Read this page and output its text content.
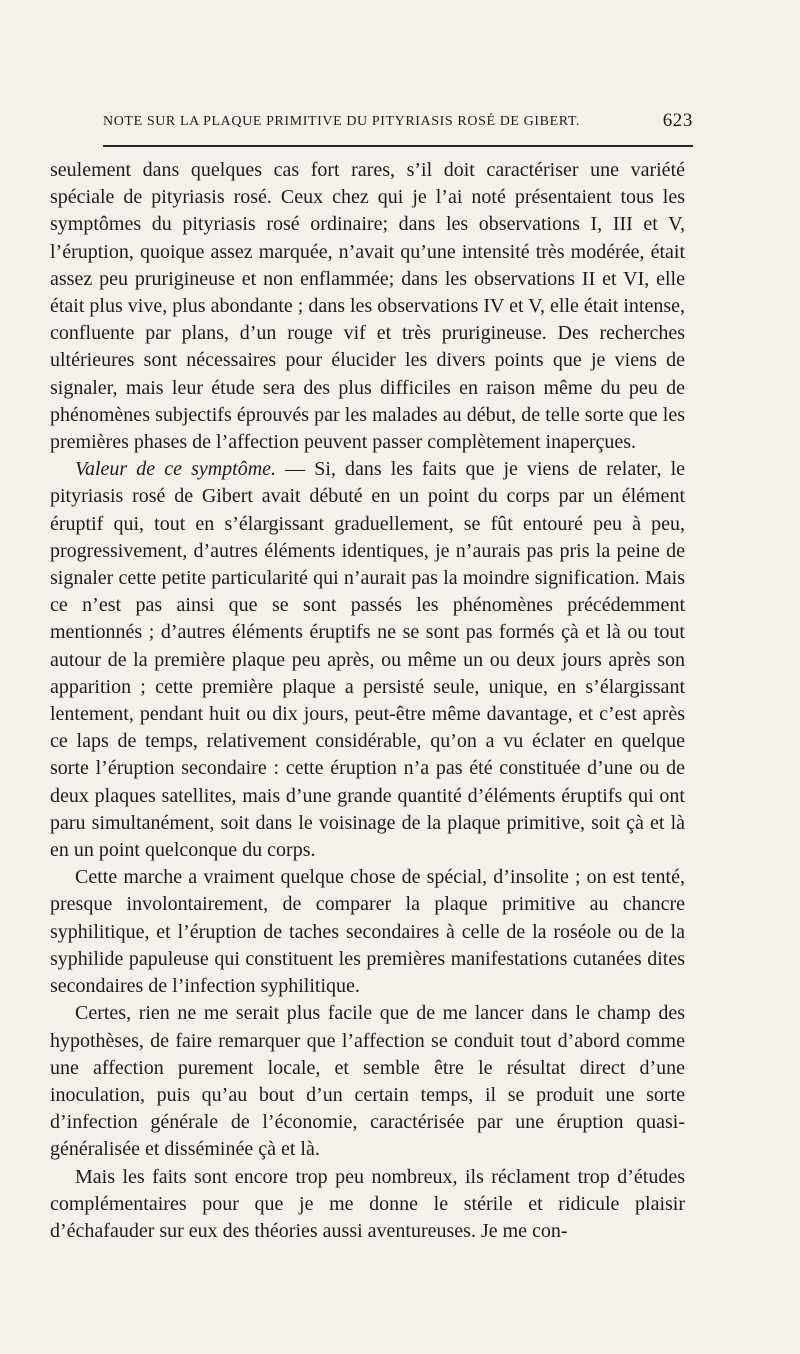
NOTE SUR LA PLAQUE PRIMITIVE DU PITYRIASIS ROSÉ DE GIBERT.	623

seulement dans quelques cas fort rares, s’il doit caractériser une variété spéciale de pityriasis rosé. Ceux chez qui je l’ai noté présentaient tous les symptômes du pityriasis rosé ordinaire; dans les observations I, III et V, l’éruption, quoique assez marquée, n’avait qu’une intensité très modérée, était assez peu prurigineuse et non enflammée; dans les observations II et VI, elle était plus vive, plus abondante ; dans les observations IV et V, elle était intense, confluente par plans, d’un rouge vif et très prurigineuse. Des recherches ultérieures sont nécessaires pour élucider les divers points que je viens de signaler, mais leur étude sera des plus difficiles en raison même du peu de phénomènes subjectifs éprouvés par les malades au début, de telle sorte que les premières phases de l’affection peuvent passer complètement inaperçues.

Valeur de ce symptôme. — Si, dans les faits que je viens de relater, le pityriasis rosé de Gibert avait débuté en un point du corps par un élément éruptif qui, tout en s’élargissant graduellement, se fût entouré peu à peu, progressivement, d’autres éléments identiques, je n’aurais pas pris la peine de signaler cette petite particularité qui n’aurait pas la moindre signification. Mais ce n’est pas ainsi que se sont passés les phénomènes précédemment mentionnés ; d’autres éléments éruptifs ne se sont pas formés çà et là ou tout autour de la première plaque peu après, ou même un ou deux jours après son apparition ; cette première plaque a persisté seule, unique, en s’élargissant lentement, pendant huit ou dix jours, peut-être même davantage, et c’est après ce laps de temps, relativement considérable, qu’on a vu éclater en quelque sorte l’éruption secondaire : cette éruption n’a pas été constituée d’une ou de deux plaques satellites, mais d’une grande quantité d’éléments éruptifs qui ont paru simultanément, soit dans le voisinage de la plaque primitive, soit çà et là en un point quelconque du corps.

Cette marche a vraiment quelque chose de spécial, d’insolite ; on est tenté, presque involontairement, de comparer la plaque primitive au chancre syphilitique, et l’éruption de taches secondaires à celle de la roséole ou de la syphilide papuleuse qui constituent les premières manifestations cutanées dites secondaires de l’infection syphilitique.

Certes, rien ne me serait plus facile que de me lancer dans le champ des hypothèses, de faire remarquer que l’affection se conduit tout d’abord comme une affection purement locale, et semble être le résultat direct d’une inoculation, puis qu’au bout d’un certain temps, il se produit une sorte d’infection générale de l’économie, caractérisée par une éruption quasi-généralisée et disséminée çà et là.

Mais les faits sont encore trop peu nombreux, ils réclament trop d’études complémentaires pour que je me donne le stérile et ridicule plaisir d’échafauder sur eux des théories aussi aventureuses. Je me con-
